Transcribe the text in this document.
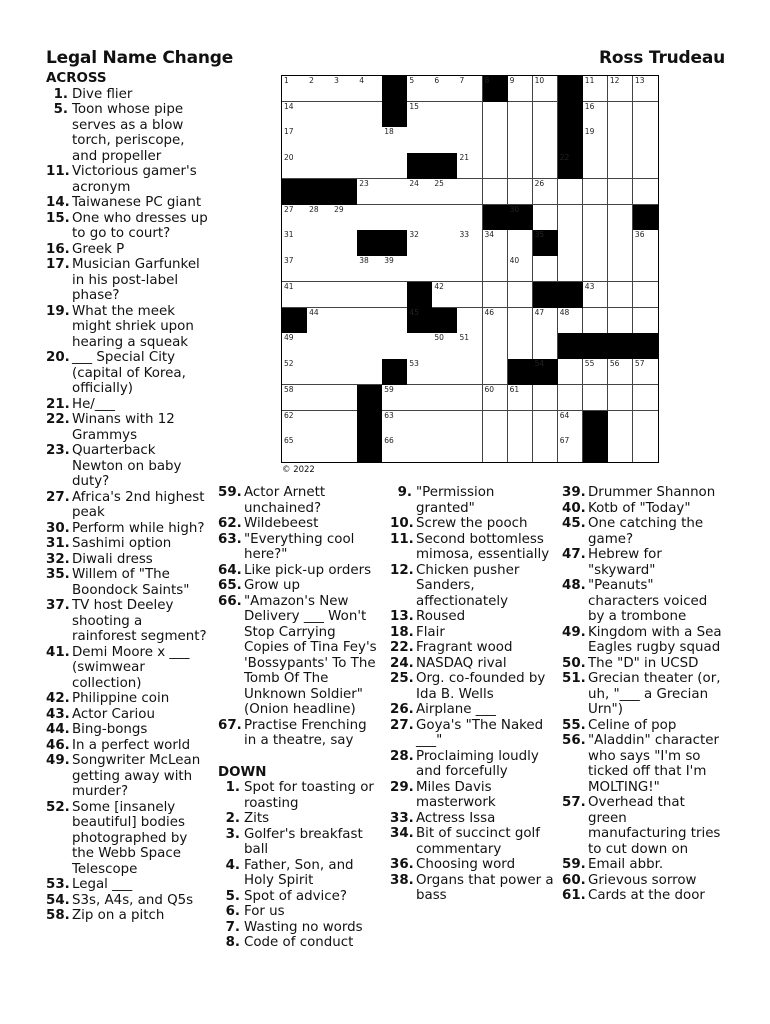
Legal Name Change	Ross Trudeau
1	2	3	4	5	6	7	8	9	10	11 12 13
14	15	16
17	18	19
20	21	22
23	24 25	26
27 28 29	30
31	32	33 34	35	36
37	38 39	40
41	42	43
44	45	46	47 48
49	50 51
52	53	54	55 56 57
58	59	60 61
62	63	64
65	66	67
© 2022
ACROSS
1. Dive flier
5. Toon whose pipe serves as a blow torch, periscope, and propeller
11. Victorious gamer's acronym
14. Taiwanese PC giant
15. One who dresses up to go to court?
16. Greek P
17. Musician Garfunkel in his post-label phase?
19. What the meek might shriek upon hearing a squeak
20. ___ Special City (capital of Korea, officially)
21. He/___
22. Winans with 12 Grammys
23. Quarterback Newton on baby duty?
27. Africa's 2nd highest peak
30. Perform while high?
31. Sashimi option
32. Diwali dress
35. Willem of "The Boondock Saints"
37. TV host Deeley shooting a rainforest segment?
41. Demi Moore x ___ (swimwear collection)
42. Philippine coin
43. Actor Cariou
44. Bing-bongs
46. In a perfect world
49. Songwriter McLean getting away with murder?
52. Some [insanely beautiful] bodies photographed by the Webb Space Telescope
53. Legal ___
54. S3s, A4s, and Q5s
58. Zip on a pitch
59. Actor Arnett unchained?
62. Wildebeest
63. "Everything cool here?"
64. Like pick-up orders
65. Grow up
66. "Amazon's New Delivery ___ Won't Stop Carrying Copies of Tina Fey's 'Bossypants' To The Tomb Of The Unknown Soldier" (Onion headline)
67. Practise Frenching in a theatre, say
DOWN
1. Spot for toasting or roasting
2. Zits
3. Golfer's breakfast ball
4. Father, Son, and Holy Spirit
5. Spot of advice?
6. For us
7. Wasting no words
8. Code of conduct
9. "Permission granted"
10. Screw the pooch
11. Second bottomless mimosa, essentially
12. Chicken pusher Sanders, affectionately
13. Roused
18. Flair
22. Fragrant wood
24. NASDAQ rival
25. Org. co-founded by Ida B. Wells
26. Airplane ___
27. Goya's "The Naked ___"
28. Proclaiming loudly and forcefully
29. Miles Davis masterwork
33. Actress Issa
34. Bit of succinct golf commentary
36. Choosing word
38. Organs that power a bass
39. Drummer Shannon
40. Kotb of "Today"
45. One catching the game?
47. Hebrew for "skyward"
48. "Peanuts" characters voiced by a trombone
49. Kingdom with a Sea Eagles rugby squad
50. The "D" in UCSD
51. Grecian theater (or, uh, "___ a Grecian Urn")
55. Celine of pop
56. "Aladdin" character who says "I'm so ticked off that I'm MOLTING!"
57. Overhead that green manufacturing tries to cut down on
59. Email abbr.
60. Grievous sorrow
61. Cards at the door
